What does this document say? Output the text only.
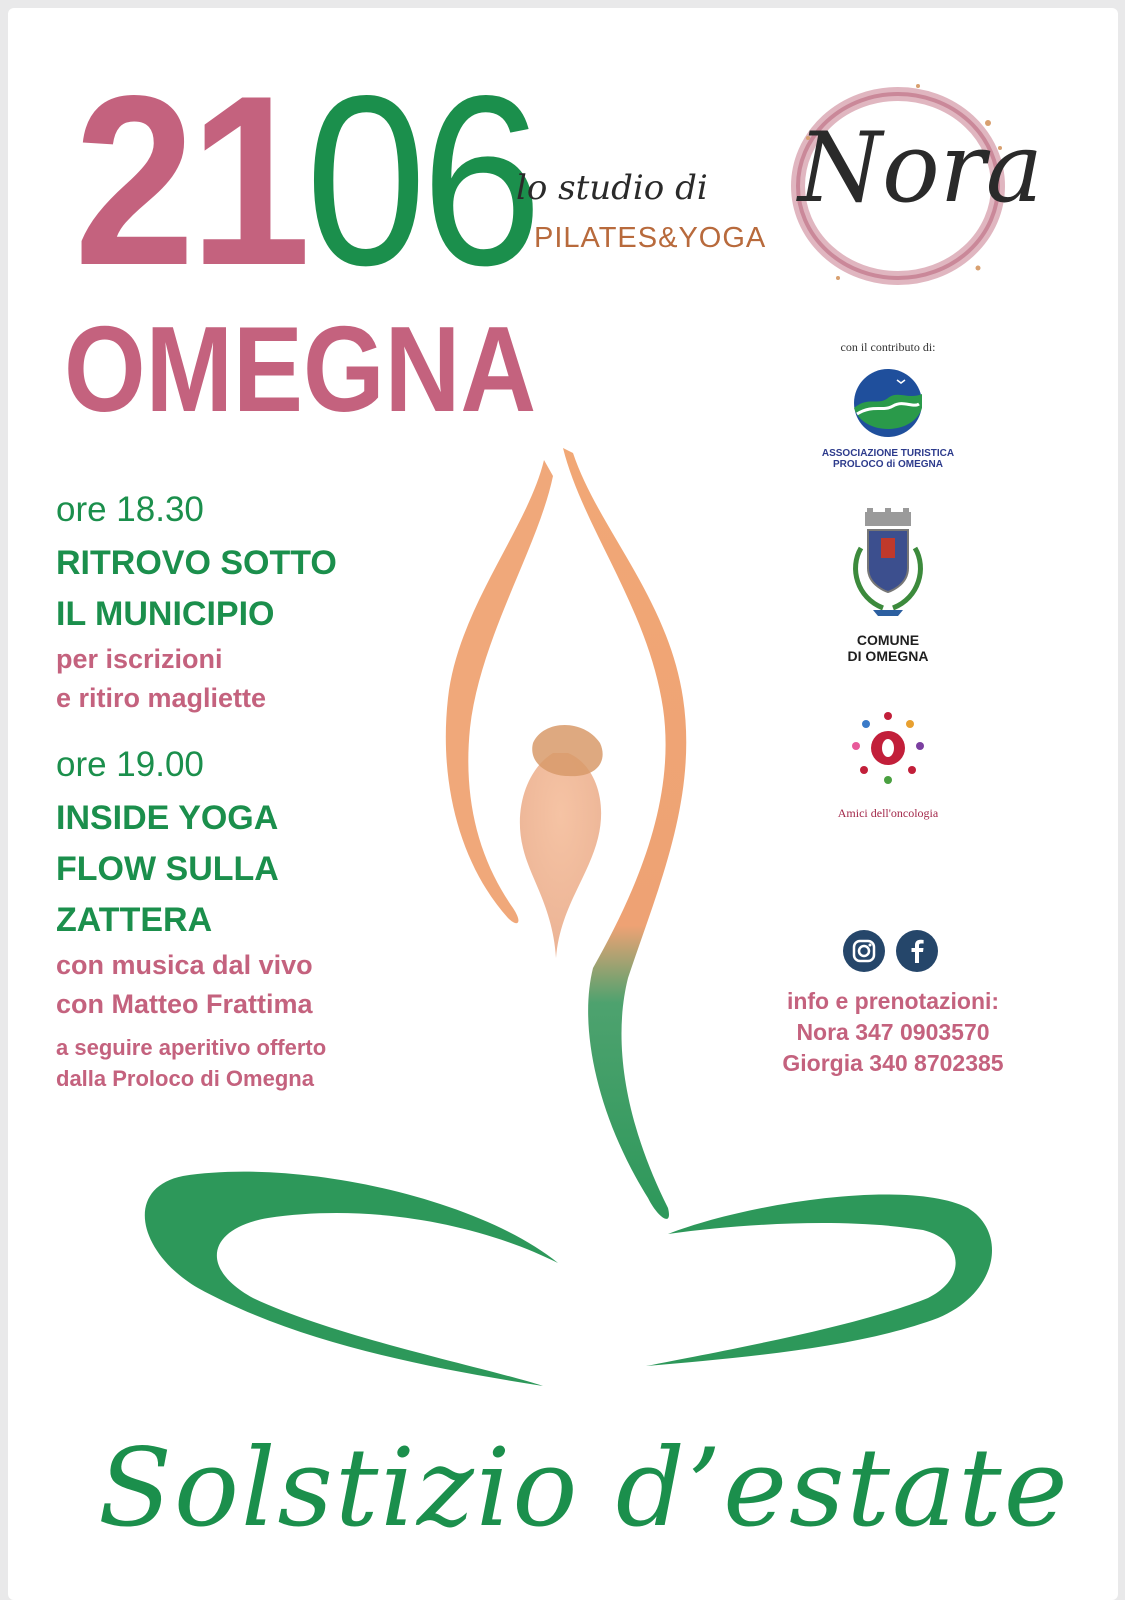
2106
OMEGNA
ore 18.30
RITROVO SOTTO
IL MUNICIPIO
per iscrizioni
e ritiro magliette
ore 19.00
INSIDE YOGA
FLOW SULLA
ZATTERA
con musica dal vivo
con Matteo Frattima
a seguire aperitivo offerto
dalla Proloco di Omegna
lo studio di Nora
PILATES&YOGA
con il contributo di:
ASSOCIAZIONE TURISTICA
PROLOCO di OMEGNA
COMUNE
DI OMEGNA
Amici dell'oncologia
info e prenotazioni:
Nora 347 0903570
Giorgia 340 8702385
Solstizio d’estate
